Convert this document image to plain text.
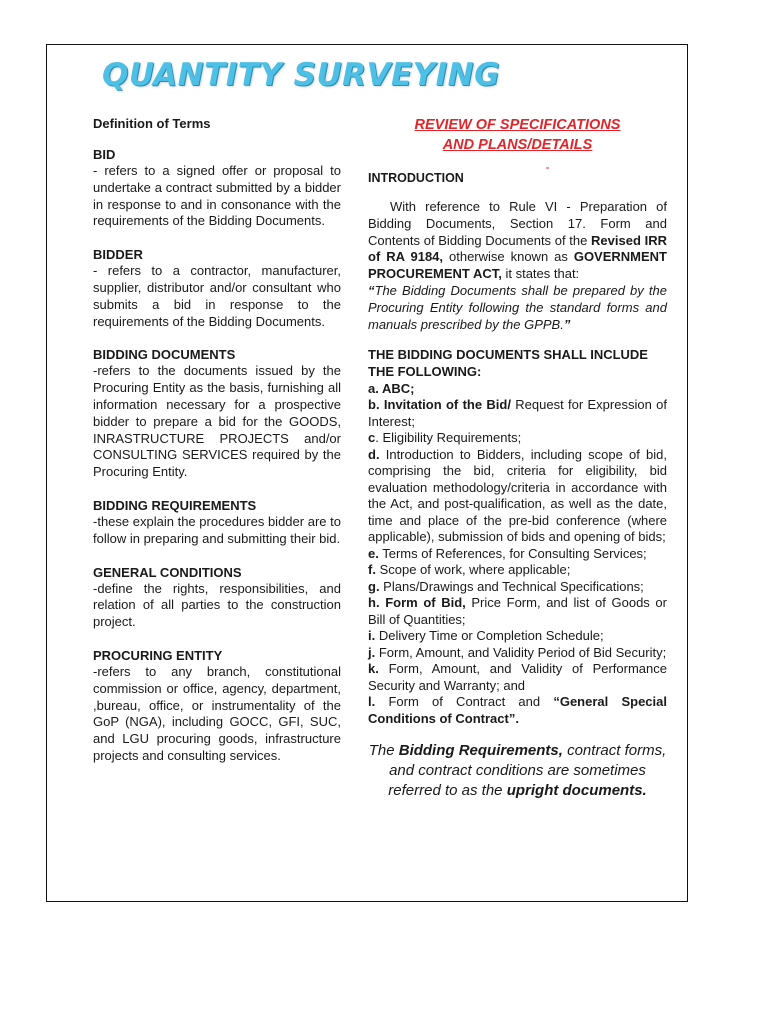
QUANTITY SURVEYING

Definition of Terms

BID

- refers to a signed offer or proposal to undertake a contract submitted by a bidder in response to and in consonance with the requirements of the Bidding Documents.

BIDDER

- refers to a contractor, manufacturer, supplier, distributor and/or consultant who submits a bid in response to the requirements of the Bidding Documents.

BIDDING DOCUMENTS

-refers to the documents issued by the Procuring Entity as the basis, furnishing all information necessary for a prospective bidder to prepare a bid for the GOODS, INRASTRUCTURE PROJECTS and/or CONSULTING SERVICES required by the Procuring Entity.

BIDDING REQUIREMENTS

-these explain the procedures bidder are to follow in preparing and submitting their bid.

GENERAL CONDITIONS

-define the rights, responsibilities, and relation of all parties to the construction project.

PROCURING ENTITY

-refers to any branch, constitutional commission or office, agency, department, ,bureau, office, or instrumentality of the GoP (NGA), including GOCC, GFI, SUC, and LGU procuring goods, infrastructure projects and consulting services.

REVIEW OF SPECIFICATIONS
AND PLANS/DETAILS

-

INTRODUCTION

With reference to Rule VI - Preparation of Bidding Documents, Section 17. Form and Contents of Bidding Documents of the Revised IRR of RA 9184, otherwise known as GOVERNMENT PROCUREMENT ACT, it states that:

“The Bidding Documents shall be prepared by the Procuring Entity following the standard forms and manuals prescribed by the GPPB.”

THE BIDDING DOCUMENTS SHALL INCLUDE THE FOLLOWING:

a. ABC;
b. Invitation of the Bid/ Request for Expression of Interest;
c. Eligibility Requirements;
d. Introduction to Bidders, including scope of bid, comprising the bid, criteria for eligibility, bid evaluation methodology/criteria in accordance with the Act, and post-qualification, as well as the date, time and place of the pre-bid conference (where applicable), submission of bids and opening of bids;
e. Terms of References, for Consulting Services;
f. Scope of work, where applicable;
g. Plans/Drawings and Technical Specifications;
h. Form of Bid, Price Form, and list of Goods or Bill of Quantities;
i. Delivery Time or Completion Schedule;
j. Form, Amount, and Validity Period of Bid Security;
k. Form, Amount, and Validity of Performance Security and Warranty; and
l. Form of Contract and “General Special Conditions of Contract”.

The Bidding Requirements, contract forms, and contract conditions are sometimes referred to as the upright documents.
